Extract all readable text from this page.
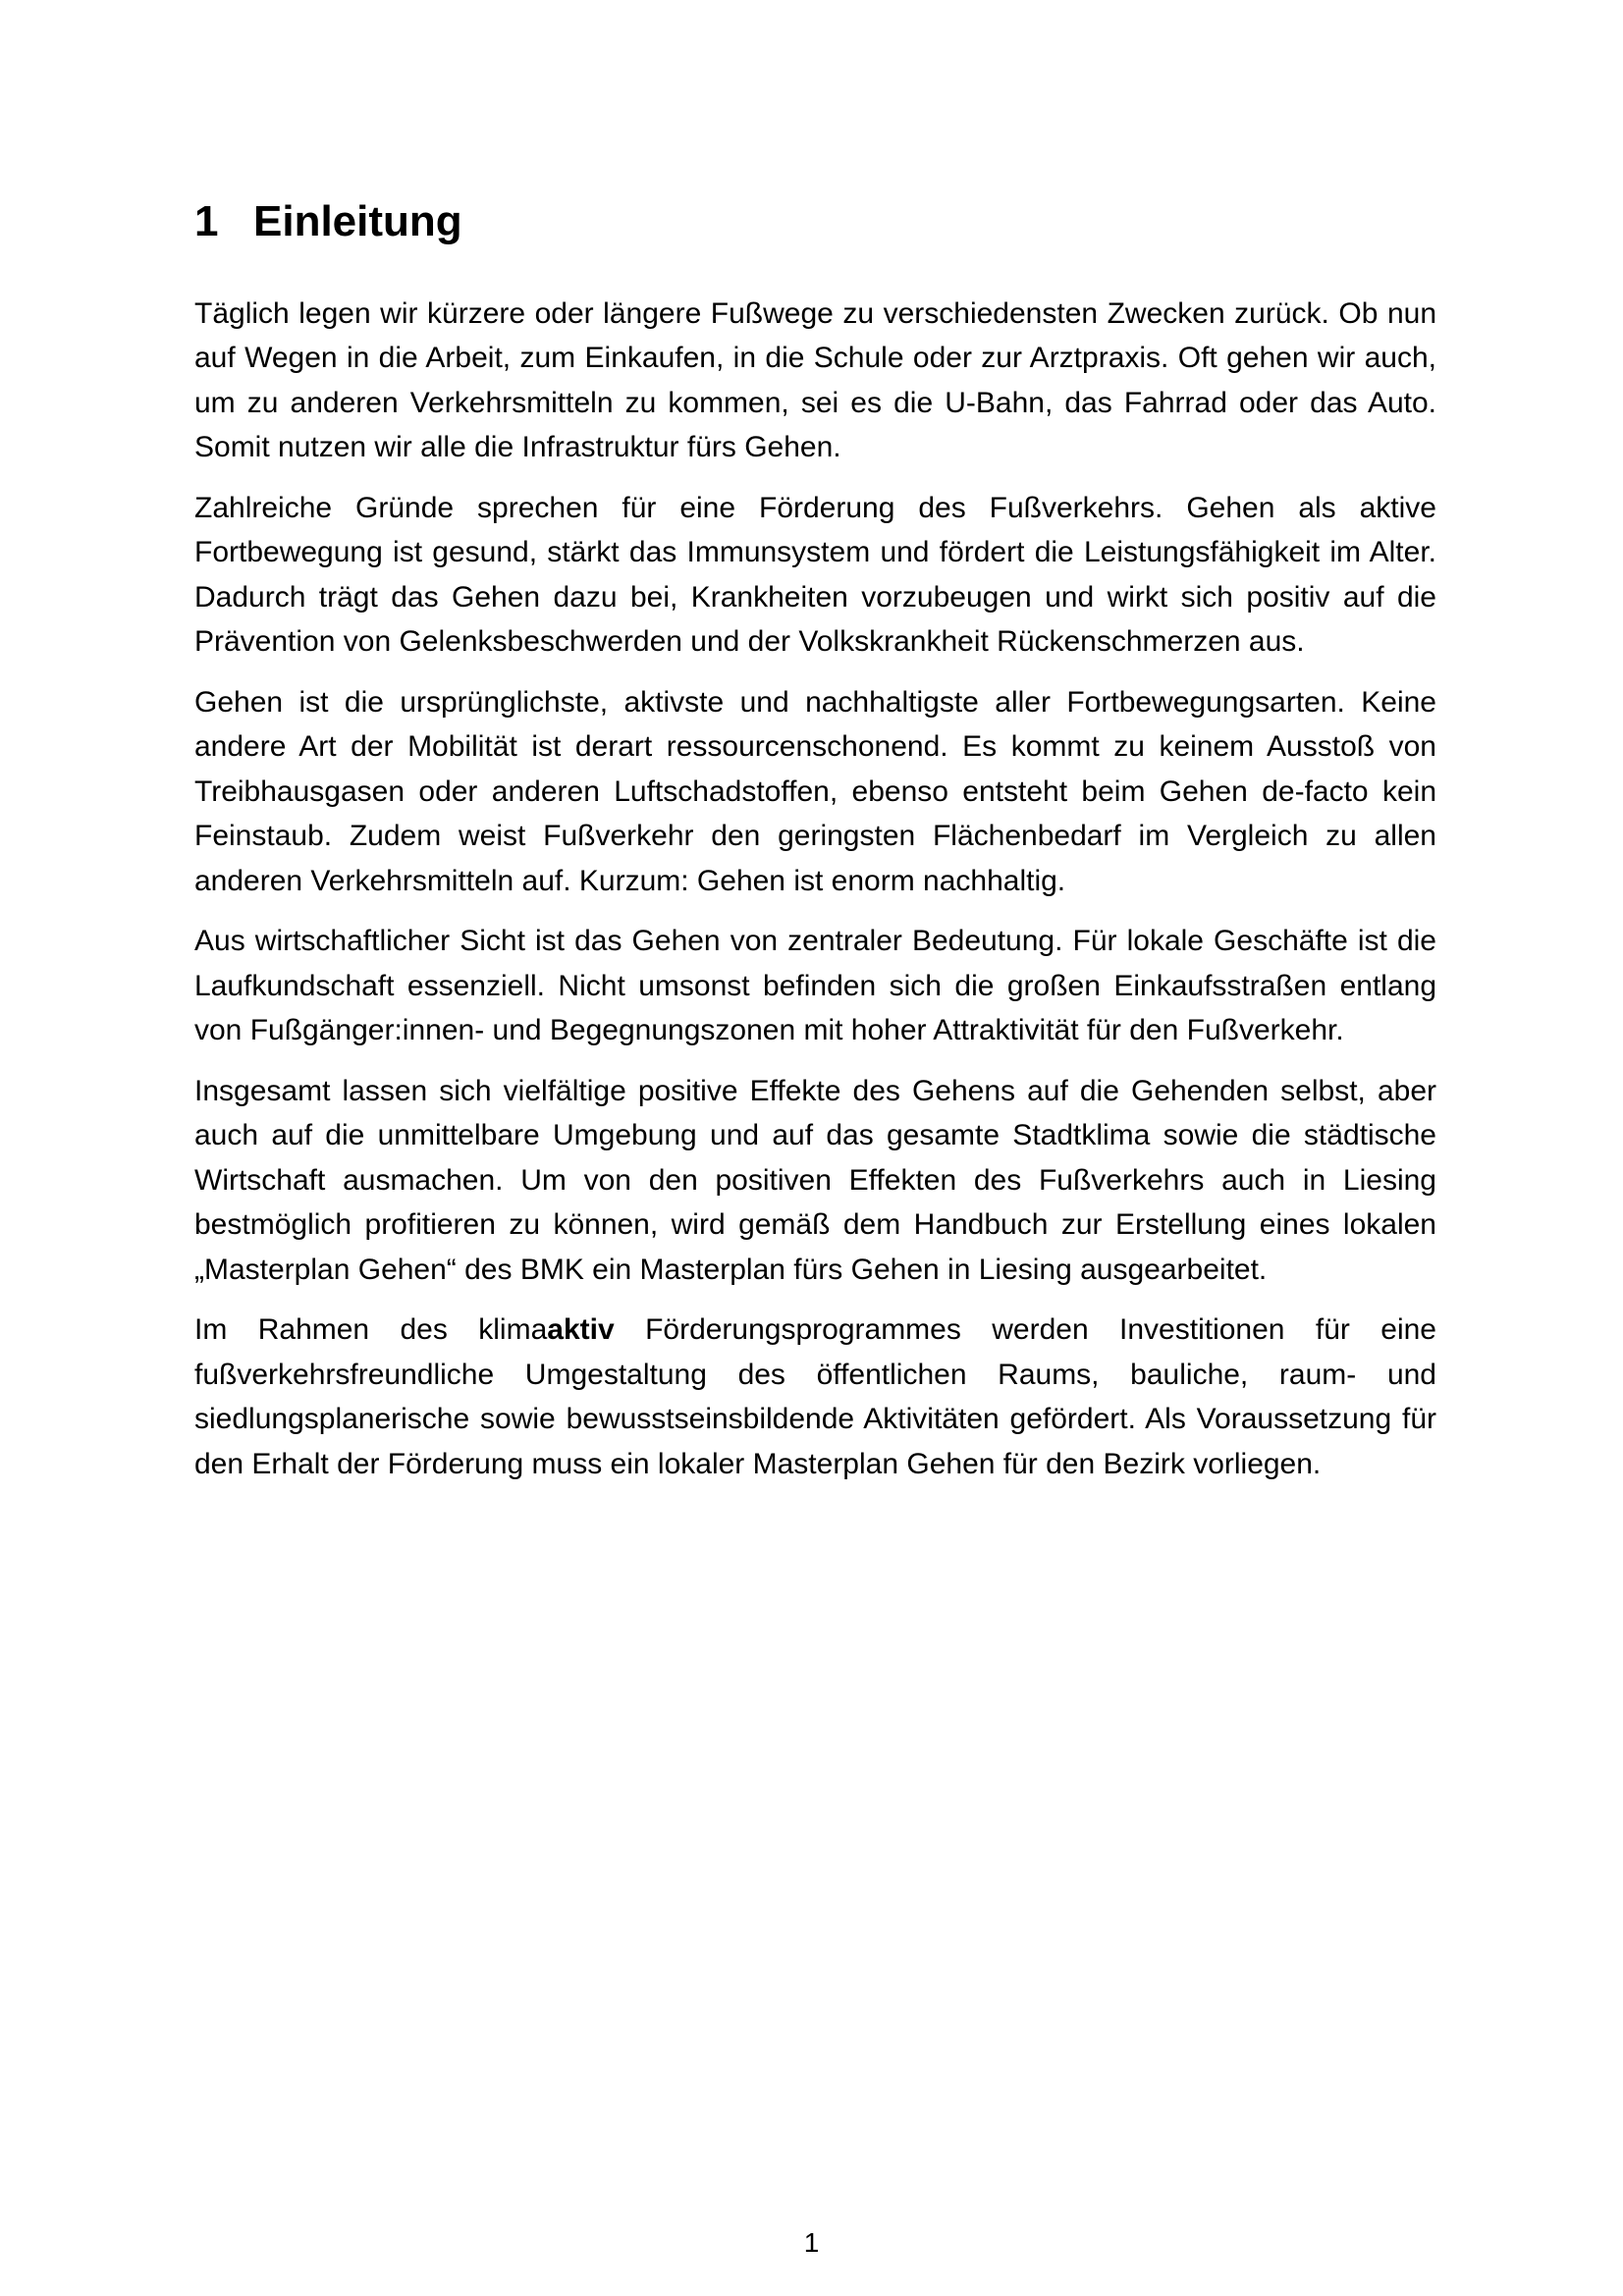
1 Einleitung

Täglich legen wir kürzere oder längere Fußwege zu verschiedensten Zwecken zurück. Ob nun auf Wegen in die Arbeit, zum Einkaufen, in die Schule oder zur Arztpraxis. Oft gehen wir auch, um zu anderen Verkehrsmitteln zu kommen, sei es die U-Bahn, das Fahrrad oder das Auto. Somit nutzen wir alle die Infrastruktur fürs Gehen.

Zahlreiche Gründe sprechen für eine Förderung des Fußverkehrs. Gehen als aktive Fortbewegung ist gesund, stärkt das Immunsystem und fördert die Leistungsfähigkeit im Alter. Dadurch trägt das Gehen dazu bei, Krankheiten vorzubeugen und wirkt sich positiv auf die Prävention von Gelenksbeschwerden und der Volkskrankheit Rückenschmerzen aus.

Gehen ist die ursprünglichste, aktivste und nachhaltigste aller Fortbewegungsarten. Keine andere Art der Mobilität ist derart ressourcenschonend. Es kommt zu keinem Ausstoß von Treibhausgasen oder anderen Luftschadstoffen, ebenso entsteht beim Gehen de-facto kein Feinstaub. Zudem weist Fußverkehr den geringsten Flächenbedarf im Vergleich zu allen anderen Verkehrsmitteln auf. Kurzum: Gehen ist enorm nachhaltig.

Aus wirtschaftlicher Sicht ist das Gehen von zentraler Bedeutung. Für lokale Geschäfte ist die Laufkundschaft essenziell. Nicht umsonst befinden sich die großen Einkaufsstraßen entlang von Fußgänger:innen- und Begegnungszonen mit hoher Attraktivität für den Fußverkehr.

Insgesamt lassen sich vielfältige positive Effekte des Gehens auf die Gehenden selbst, aber auch auf die unmittelbare Umgebung und auf das gesamte Stadtklima sowie die städtische Wirtschaft ausmachen. Um von den positiven Effekten des Fußverkehrs auch in Liesing bestmöglich profitieren zu können, wird gemäß dem Handbuch zur Erstellung eines lokalen „Masterplan Gehen“ des BMK ein Masterplan fürs Gehen in Liesing ausgearbeitet.

Im Rahmen des klimaaktiv Förderungsprogrammes werden Investitionen für eine fußverkehrsfreundliche Umgestaltung des öffentlichen Raums, bauliche, raum- und siedlungsplanerische sowie bewusstseinsbildende Aktivitäten gefördert. Als Voraussetzung für den Erhalt der Förderung muss ein lokaler Masterplan Gehen für den Bezirk vorliegen.

1
